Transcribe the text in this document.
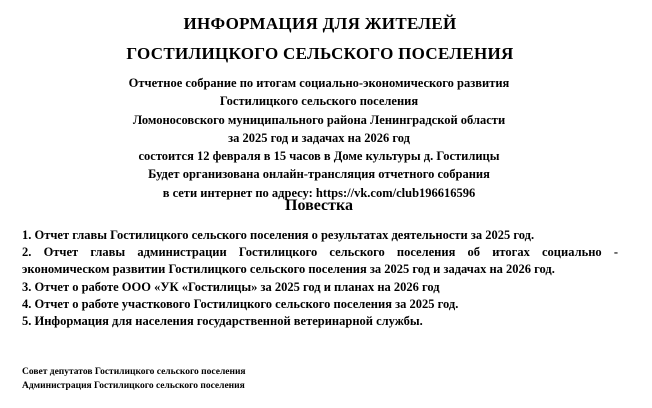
ИНФОРМАЦИЯ ДЛЯ ЖИТЕЛЕЙ
ГОСТИЛИЦКОГО СЕЛЬСКОГО ПОСЕЛЕНИЯ
Отчетное собрание по итогам социально-экономического развития
Гостилицкого сельского поселения
Ломоносовского муниципального района Ленинградской области
за 2025 год и задачах на 2026 год
состоится 12 февраля в 15 часов в Доме культуры д. Гостилицы
Будет организована онлайн-трансляция отчетного собрания
в сети интернет по адресу: https://vk.com/club196616596
Повестка
1. Отчет главы Гостилицкого сельского поселения о результатах деятельности за 2025 год.
2. Отчет главы администрации Гостилицкого сельского поселения об итогах социально -
экономическом развитии Гостилицкого сельского поселения за 2025 год и задачах на 2026 год.
3. Отчет о работе ООО «УК «Гостилицы» за 2025 год и планах на 2026 год
4. Отчет о работе участкового Гостилицкого сельского поселения за 2025 год.
5. Информация для населения государственной ветеринарной службы.
Совет депутатов Гостилицкого сельского поселения
Администрация Гостилицкого сельского поселения
